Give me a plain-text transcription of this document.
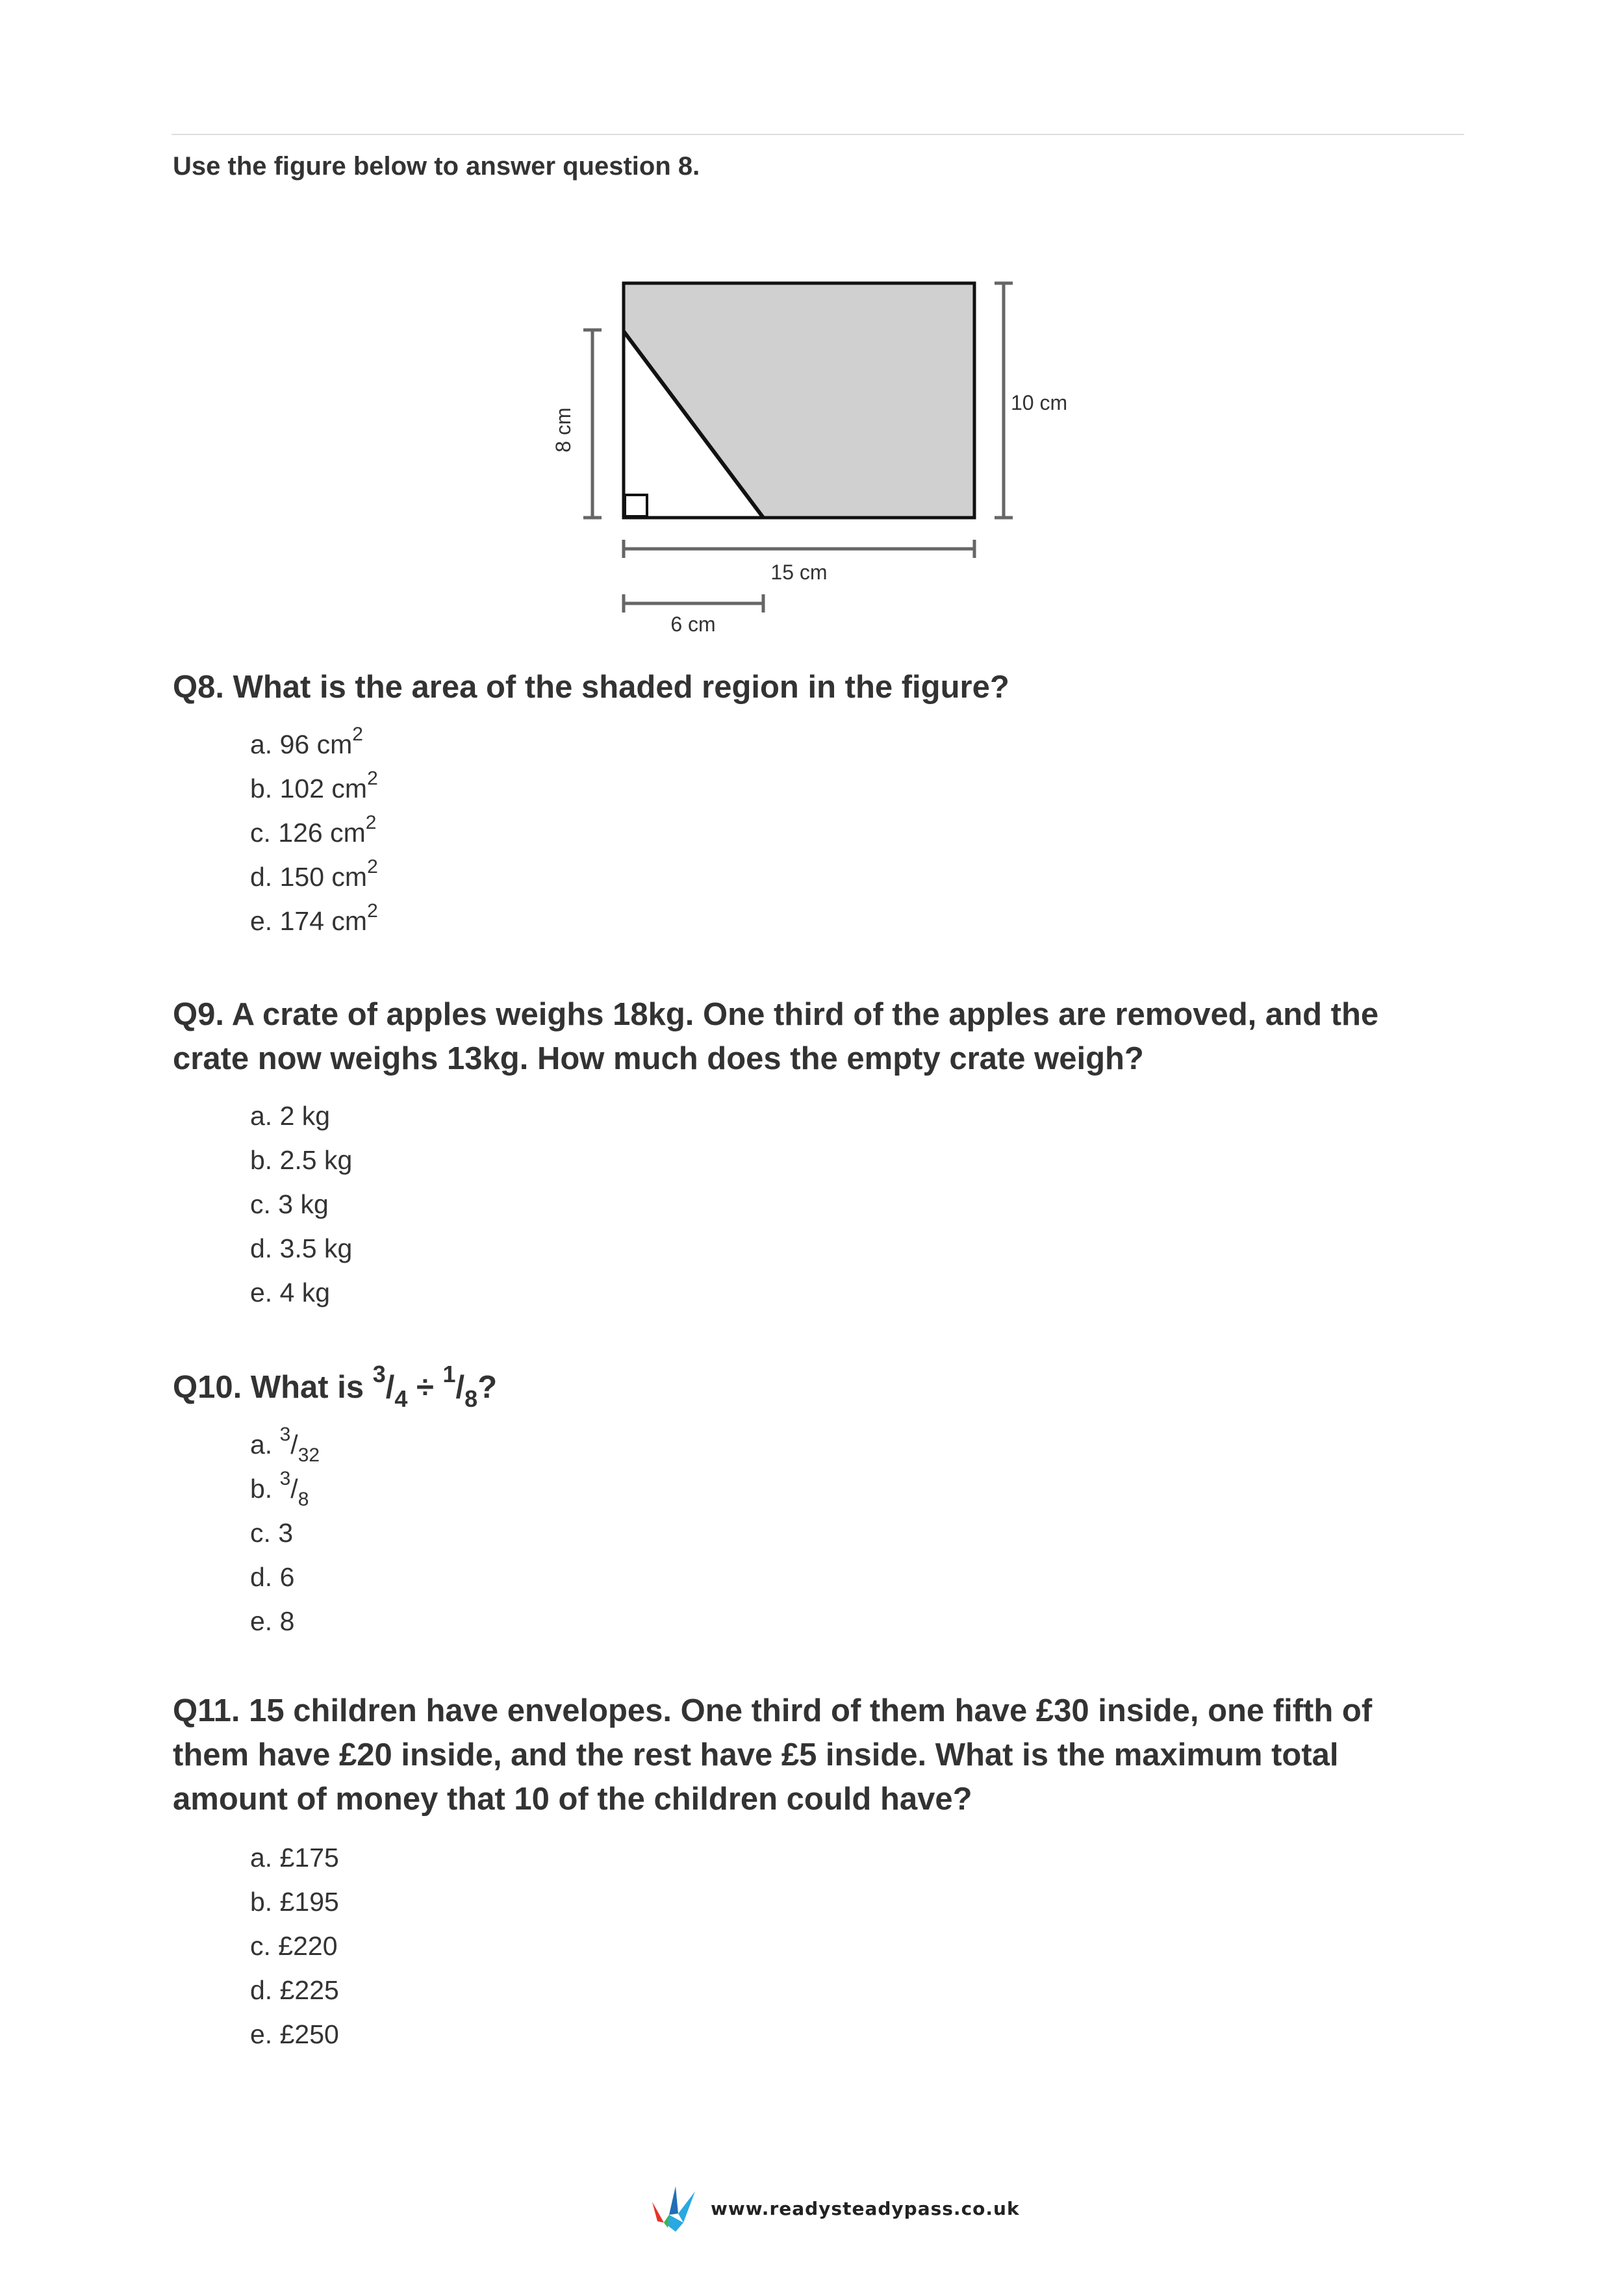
Use the figure below to answer question 8.
8 cm
10 cm
15 cm
6 cm
Q8. What is the area of the shaded region in the figure?
a. 96 $cm^2$
b. 102 $cm^2$
c. 126 $cm^2$
d. 150 $cm^2$
e. 174 $cm^2$
Q9. A crate of apples weighs 18kg. One third of the apples are removed, and the
crate now weighs 13kg. How much does the empty crate weigh?
a. 2 kg
b. 2.5 kg
c. 3 kg
d. 3.5 kg
e. 4 kg
Q10. What is $^3/_4 \div ^1/_8$?
a. $^3/_{32}$
b. $^3/_8$
c. 3
d. 6
e. 8
Q11. 15 children have envelopes. One third of them have £30 inside, one fifth of
them have £20 inside, and the rest have £5 inside. What is the maximum total
amount of money that 10 of the children could have?
a. £175
b. £195
c. £220
d. £225
e. £250
www.readysteadypass.co.uk
